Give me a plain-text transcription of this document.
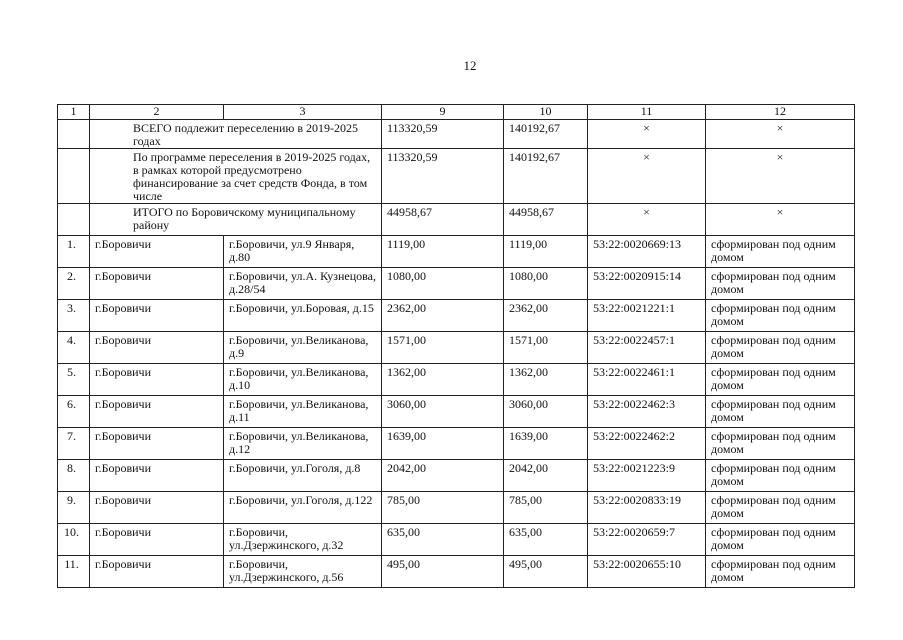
12
1	2	3	9	10	11	12
	ВСЕГО подлежит переселению в 2019-2025 годах		113320,59	140192,67	×	×
	По программе переселения в 2019-2025 годах, в рамках которой предусмотрено финансирование за счет средств Фонда, в том числе		113320,59	140192,67	×	×
	ИТОГО по Боровичскому муниципальному району		44958,67	44958,67	×	×
1.	г.Боровичи	г.Боровичи, ул.9 Января, д.80	1119,00	1119,00	53:22:0020669:13	сформирован под одним домом
2.	г.Боровичи	г.Боровичи, ул.А. Кузнецова, д.28/54	1080,00	1080,00	53:22:0020915:14	сформирован под одним домом
3.	г.Боровичи	г.Боровичи, ул.Боровая, д.15	2362,00	2362,00	53:22:0021221:1	сформирован под одним домом
4.	г.Боровичи	г.Боровичи, ул.Великанова, д.9	1571,00	1571,00	53:22:0022457:1	сформирован под одним домом
5.	г.Боровичи	г.Боровичи, ул.Великанова, д.10	1362,00	1362,00	53:22:0022461:1	сформирован под одним домом
6.	г.Боровичи	г.Боровичи, ул.Великанова, д.11	3060,00	3060,00	53:22:0022462:3	сформирован под одним домом
7.	г.Боровичи	г.Боровичи, ул.Великанова, д.12	1639,00	1639,00	53:22:0022462:2	сформирован под одним домом
8.	г.Боровичи	г.Боровичи, ул.Гоголя, д.8	2042,00	2042,00	53:22:0021223:9	сформирован под одним домом
9.	г.Боровичи	г.Боровичи, ул.Гоголя, д.122	785,00	785,00	53:22:0020833:19	сформирован под одним домом
10.	г.Боровичи	г.Боровичи, ул.Дзержинского, д.32	635,00	635,00	53:22:0020659:7	сформирован под одним домом
11.	г.Боровичи	г.Боровичи, ул.Дзержинского, д.56	495,00	495,00	53:22:0020655:10	сформирован под одним домом
